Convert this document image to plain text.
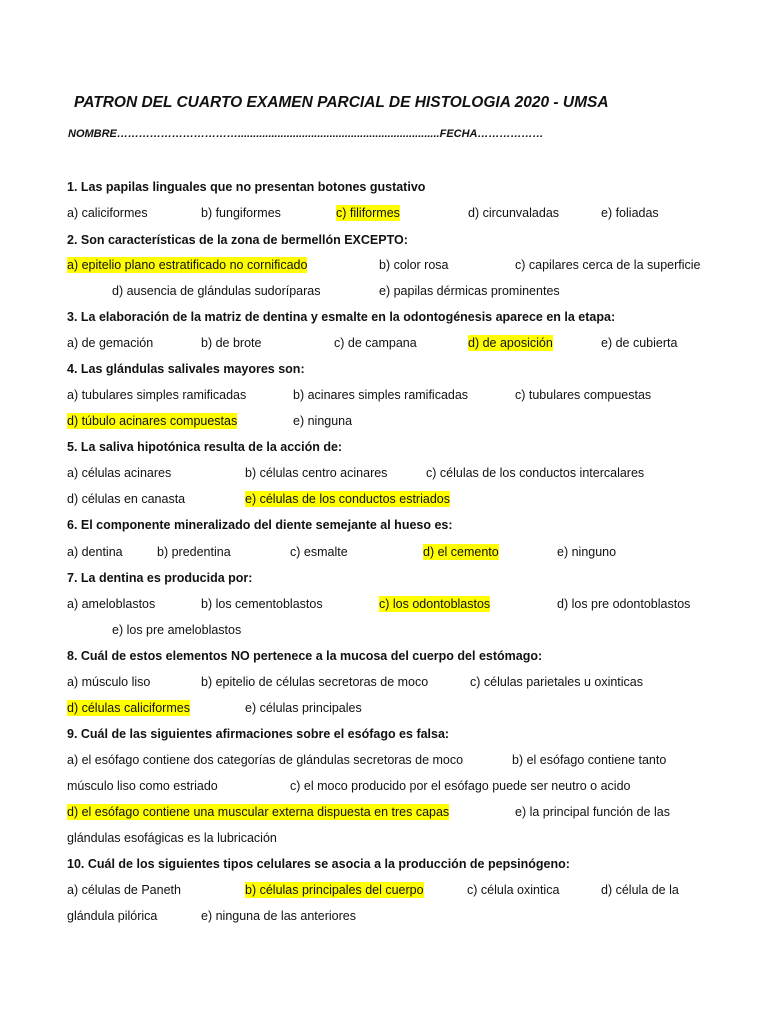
PATRON DEL CUARTO EXAMEN PARCIAL DE HISTOLOGIA 2020 - UMSA
NOMBRE……………………………..................................................................FECHA………………
1. Las papilas linguales que no presentan botones gustativo
a) caliciformes	b) fungiformes	c) filiformes	d) circunvaladas	e) foliadas
2. Son características de la zona de bermellón EXCEPTO:
a) epitelio plano estratificado no cornificado	b) color rosa	c) capilares cerca de la superficie
d) ausencia de glándulas sudoríparas	e) papilas dérmicas prominentes
3. La elaboración de la matriz de dentina y esmalte en la odontogénesis aparece en la etapa:
a) de gemación	b) de brote	c) de campana	d) de aposición	e) de cubierta
4. Las glándulas salivales mayores son:
a) tubulares simples ramificadas	b) acinares simples ramificadas	c) tubulares compuestas
d) túbulo acinares compuestas	e) ninguna
5. La saliva hipotónica resulta de la acción de:
a) células acinares	b) células centro acinares	c) células de los conductos intercalares
d) células en canasta	e) células de los conductos estriados
6. El componente mineralizado del diente semejante al hueso es:
a) dentina	b) predentina	c) esmalte	d) el cemento	e) ninguno
7. La dentina es producida por:
a) ameloblastos	b) los cementoblastos	c) los odontoblastos	d) los pre odontoblastos
e) los pre ameloblastos
8. Cuál de estos elementos NO pertenece a la mucosa del cuerpo del estómago:
a) músculo liso	b) epitelio de células secretoras de moco	c) células parietales u oxinticas
d) células caliciformes	e) células principales
9. Cuál de las siguientes afirmaciones sobre el esófago es falsa:
a) el esófago contiene dos categorías de glándulas secretoras de moco	b) el esófago contiene tanto
músculo liso como estriado	c) el moco producido por el esófago puede ser neutro o acido
d) el esófago contiene una muscular externa dispuesta en tres capas	e) la principal función de las
glándulas esofágicas es la lubricación
10. Cuál de los siguientes tipos celulares se asocia a la producción de pepsinógeno:
a) células de Paneth	b) células principales del cuerpo	c) célula oxintica	d) célula de la
glándula pilórica	e) ninguna de las anteriores
